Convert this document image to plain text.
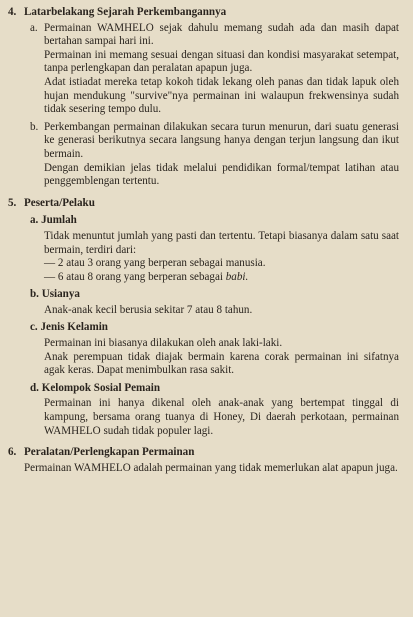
4. Latarbelakang Sejarah Perkembangannya
a. Permainan WAMHELO sejak dahulu memang sudah ada dan masih dapat bertahan sampai hari ini.

Permainan ini memang sesuai dengan situasi dan kondisi masyarakat setempat, tanpa perlengkapan dan peralatan apapun juga.

Adat istiadat mereka tetap kokoh tidak lekang oleh panas dan tidak lapuk oleh hujan mendukung "survive"nya permainan ini walaupun frekwensinya sudah tidak sesering tempo dulu.

b. Perkembangan permainan dilakukan secara turun menurun, dari suatu generasi ke generasi berikutnya secara langsung hanya dengan terjun langsung dan ikut bermain.

Dengan demikian jelas tidak melalui pendidikan formal/tempat latihan atau penggemblengan tertentu.

5. Peserta/Pelaku
a. Jumlah

Tidak menuntut jumlah yang pasti dan tertentu. Tetapi biasanya dalam satu saat bermain, terdiri dari:

— 2 atau 3 orang yang berperan sebagai manusia.

— 6 atau 8 orang yang berperan sebagai babi.

b. Usianya

Anak-anak kecil berusia sekitar 7 atau 8 tahun.

c. Jenis Kelamin

Permainan ini biasanya dilakukan oleh anak laki-laki.

Anak perempuan tidak diajak bermain karena corak permainan ini sifatnya agak keras. Dapat menimbulkan rasa sakit.

d. Kelompok Sosial Pemain

Permainan ini hanya dikenal oleh anak-anak yang bertempat tinggal di kampung, bersama orang tuanya di Honey, Di daerah perkotaan, permainan WAMHELO sudah tidak populer lagi.

6. Peralatan/Perlengkapan Permainan

Permainan WAMHELO adalah permainan yang tidak memerlukan alat apapun juga.
